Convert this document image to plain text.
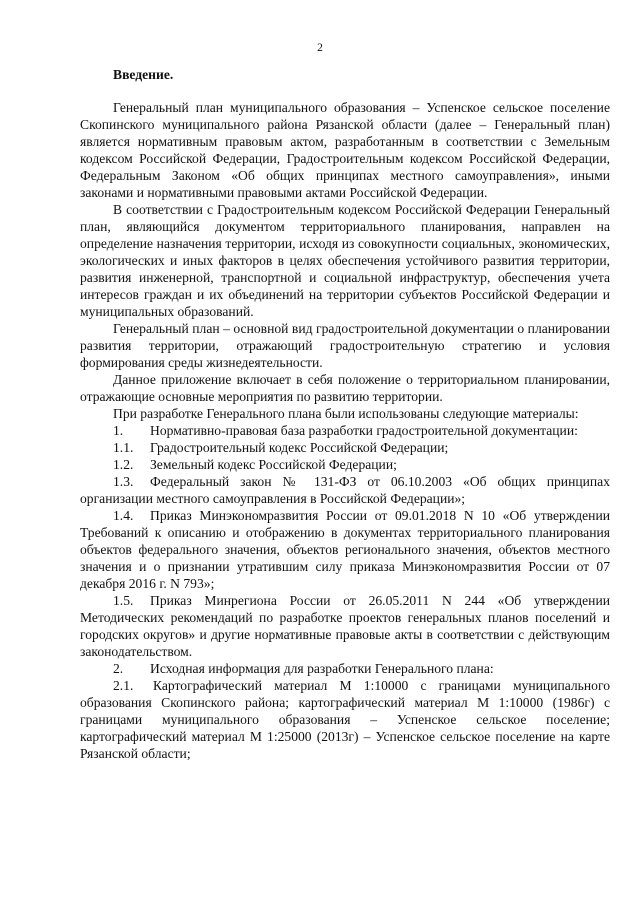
2
Введение.

Генеральный план муниципального образования – Успенское сельское поселение Скопинского муниципального района Рязанской области (далее – Генеральный план) является нормативным правовым актом, разработанным в соответствии с Земельным кодексом Российской Федерации, Градостроительным кодексом Российской Федерации, Федеральным Законом «Об общих принципах местного самоуправления», иными законами и нормативными правовыми актами Российской Федерации.

В соответствии с Градостроительным кодексом Российской Федерации Генеральный план, являющийся документом территориального планирования, направлен на определение назначения территории, исходя из совокупности социальных, экономических, экологических и иных факторов в целях обеспечения устойчивого развития территории, развития инженерной, транспортной и социальной инфраструктур, обеспечения учета интересов граждан и их объединений на территории субъектов Российской Федерации и муниципальных образований.

Генеральный план – основной вид градостроительной документации о планировании развития территории, отражающий градостроительную стратегию и условия формирования среды жизнедеятельности.

Данное приложение включает в себя положение о территориальном планировании, отражающие основные мероприятия по развитию территории.

При разработке Генерального плана были использованы следующие материалы:

1. Нормативно-правовая база разработки градостроительной документации:

1.1. Градостроительный кодекс Российской Федерации;

1.2. Земельный кодекс Российской Федерации;

1.3. Федеральный закон № 131-ФЗ от 06.10.2003 «Об общих принципах организации местного самоуправления в Российской Федерации»;

1.4. Приказ Минэкономразвития России от 09.01.2018 N 10 «Об утверждении Требований к описанию и отображению в документах территориального планирования объектов федерального значения, объектов регионального значения, объектов местного значения и о признании утратившим силу приказа Минэкономразвития России от 07 декабря 2016 г. N 793»;

1.5. Приказ Минрегиона России от 26.05.2011 N 244 «Об утверждении Методических рекомендаций по разработке проектов генеральных планов поселений и городских округов» и другие нормативные правовые акты в соответствии с действующим законодательством.

2. Исходная информация для разработки Генерального плана:

2.1. Картографический материал М 1:10000 с границами муниципального образования Скопинского района; картографический материал М 1:10000 (1986г) с границами муниципального образования – Успенское сельское поселение; картографический материал М 1:25000 (2013г) – Успенское сельское поселение на карте Рязанской области;
